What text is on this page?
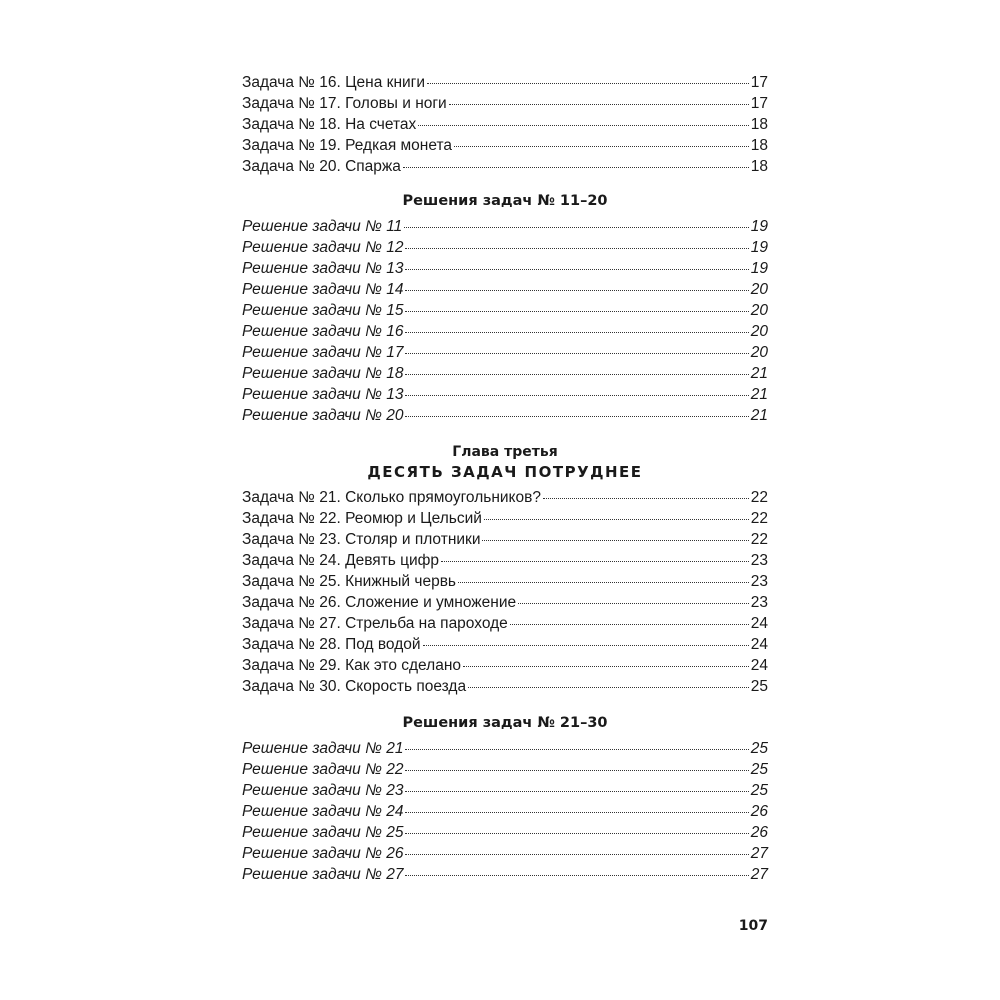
Задача № 16. Цена книги	17
Задача № 17. Головы и ноги	17
Задача № 18. На счетах	18
Задача № 19. Редкая монета	18
Задача № 20. Спаржа	18
Решения задач № 11–20
Решение задачи № 11	19
Решение задачи № 12	19
Решение задачи № 13	19
Решение задачи № 14	20
Решение задачи № 15	20
Решение задачи № 16	20
Решение задачи № 17	20
Решение задачи № 18	21
Решение задачи № 13	21
Решение задачи № 20	21
Глава третья
ДЕСЯТЬ ЗАДАЧ ПОТРУДНЕЕ
Задача № 21. Сколько прямоугольников?	22
Задача № 22. Реомюр и Цельсий	22
Задача № 23. Столяр и плотники	22
Задача № 24. Девять цифр	23
Задача № 25. Книжный червь	23
Задача № 26. Сложение и умножение	23
Задача № 27. Стрельба на пароходе	24
Задача № 28. Под водой	24
Задача № 29. Как это сделано	24
Задача № 30. Скорость поезда	25
Решения задач № 21–30
Решение задачи № 21	25
Решение задачи № 22	25
Решение задачи № 23	25
Решение задачи № 24	26
Решение задачи № 25	26
Решение задачи № 26	27
Решение задачи № 27	27
107
